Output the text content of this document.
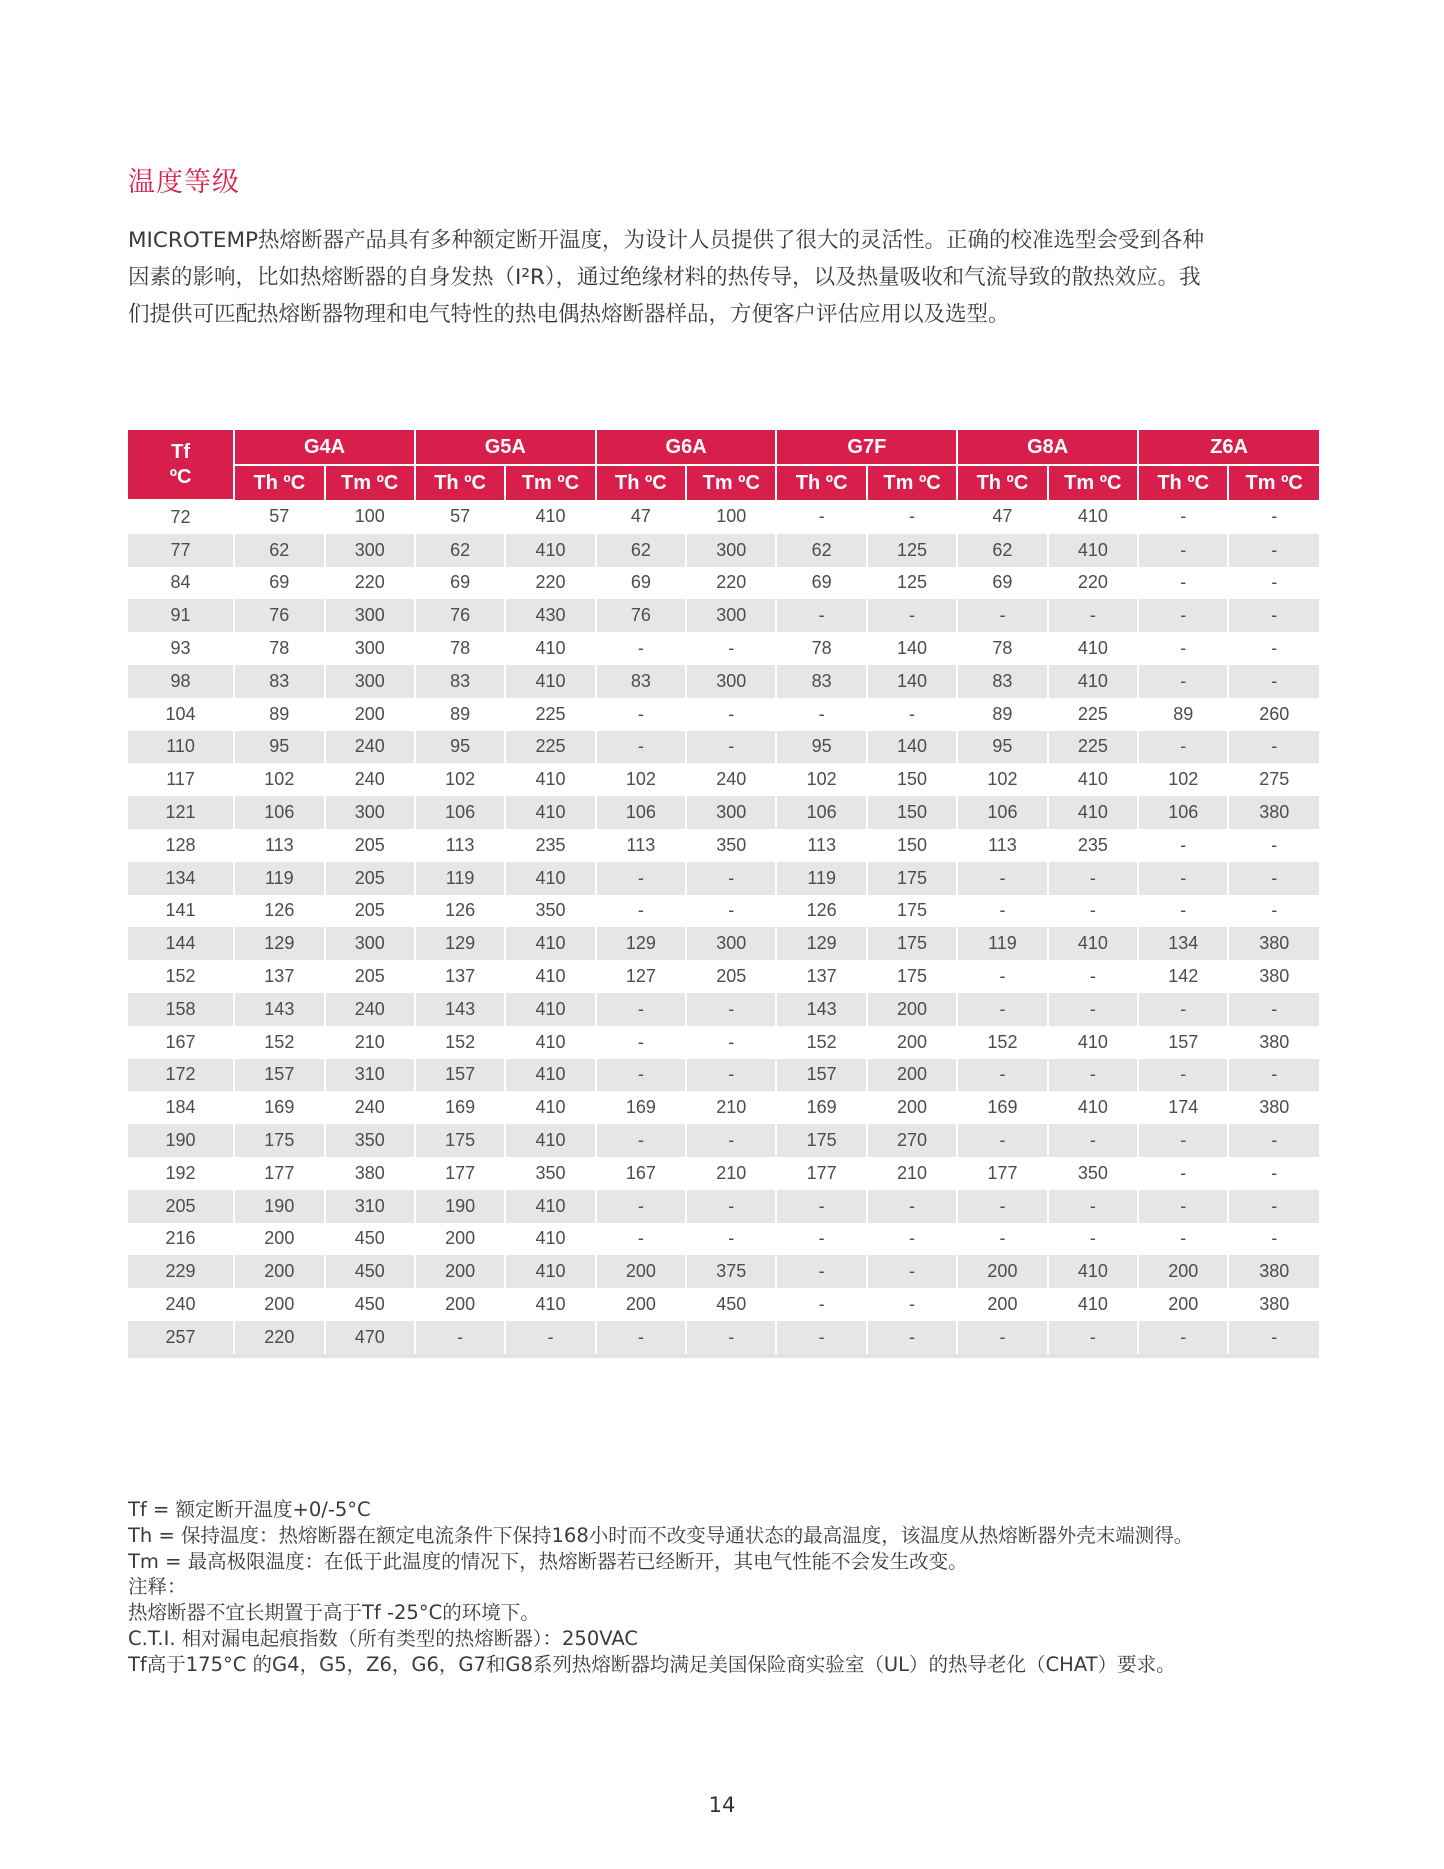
温度等级

MICROTEMP热熔断器产品具有多种额定断开温度，为设计人员提供了很大的灵活性。正确的校准选型会受到各种

因素的影响，比如热熔断器的自身发热（I²R），通过绝缘材料的热传导，以及热量吸收和气流导致的散热效应。我

们提供可匹配热熔断器物理和电气特性的热电偶热熔断器样品，方便客户评估应用以及选型。

Tf
ºC	G4A		G5A		G6A		G7F		G8A		Z6A	
	Th ºC	Tm ºC	Th ºC	Tm ºC	Th ºC	Tm ºC	Th ºC	Tm ºC	Th ºC	Tm ºC	Th ºC	Tm ºC
72	57	100	57	410	47	100	-	-	47	410	-	-
77	62	300	62	410	62	300	62	125	62	410	-	-
84	69	220	69	220	69	220	69	125	69	220	-	-
91	76	300	76	430	76	300	-	-	-	-	-	-
93	78	300	78	410	-	-	78	140	78	410	-	-
98	83	300	83	410	83	300	83	140	83	410	-	-
104	89	200	89	225	-	-	-	-	89	225	89	260
110	95	240	95	225	-	-	95	140	95	225	-	-
117	102	240	102	410	102	240	102	150	102	410	102	275
121	106	300	106	410	106	300	106	150	106	410	106	380
128	113	205	113	235	113	350	113	150	113	235	-	-
134	119	205	119	410	-	-	119	175	-	-	-	-
141	126	205	126	350	-	-	126	175	-	-	-	-
144	129	300	129	410	129	300	129	175	119	410	134	380
152	137	205	137	410	127	205	137	175	-	-	142	380
158	143	240	143	410	-	-	143	200	-	-	-	-
167	152	210	152	410	-	-	152	200	152	410	157	380
172	157	310	157	410	-	-	157	200	-	-	-	-
184	169	240	169	410	169	210	169	200	169	410	174	380
190	175	350	175	410	-	-	175	270	-	-	-	-
192	177	380	177	350	167	210	177	210	177	350	-	-
205	190	310	190	410	-	-	-	-	-	-	-	-
216	200	450	200	410	-	-	-	-	-	-	-	-
229	200	450	200	410	200	375	-	-	200	410	200	380
240	200	450	200	410	200	450	-	-	200	410	200	380
257	220	470	-	-	-	-	-	-	-	-	-	-

Tf = 额定断开温度+0/-5°C

Th = 保持温度：热熔断器在额定电流条件下保持168小时而不改变导通状态的最高温度，该温度从热熔断器外壳末端测得。

Tm = 最高极限温度：在低于此温度的情况下，热熔断器若已经断开，其电气性能不会发生改变。

注释：

热熔断器不宜长期置于高于Tf -25°C的环境下。

C.T.I. 相对漏电起痕指数（所有类型的热熔断器）：250VAC

Tf高于175°C 的G4，G5，Z6，G6，G7和G8系列热熔断器均满足美国保险商实验室（UL）的热导老化（CHAT）要求。

14
